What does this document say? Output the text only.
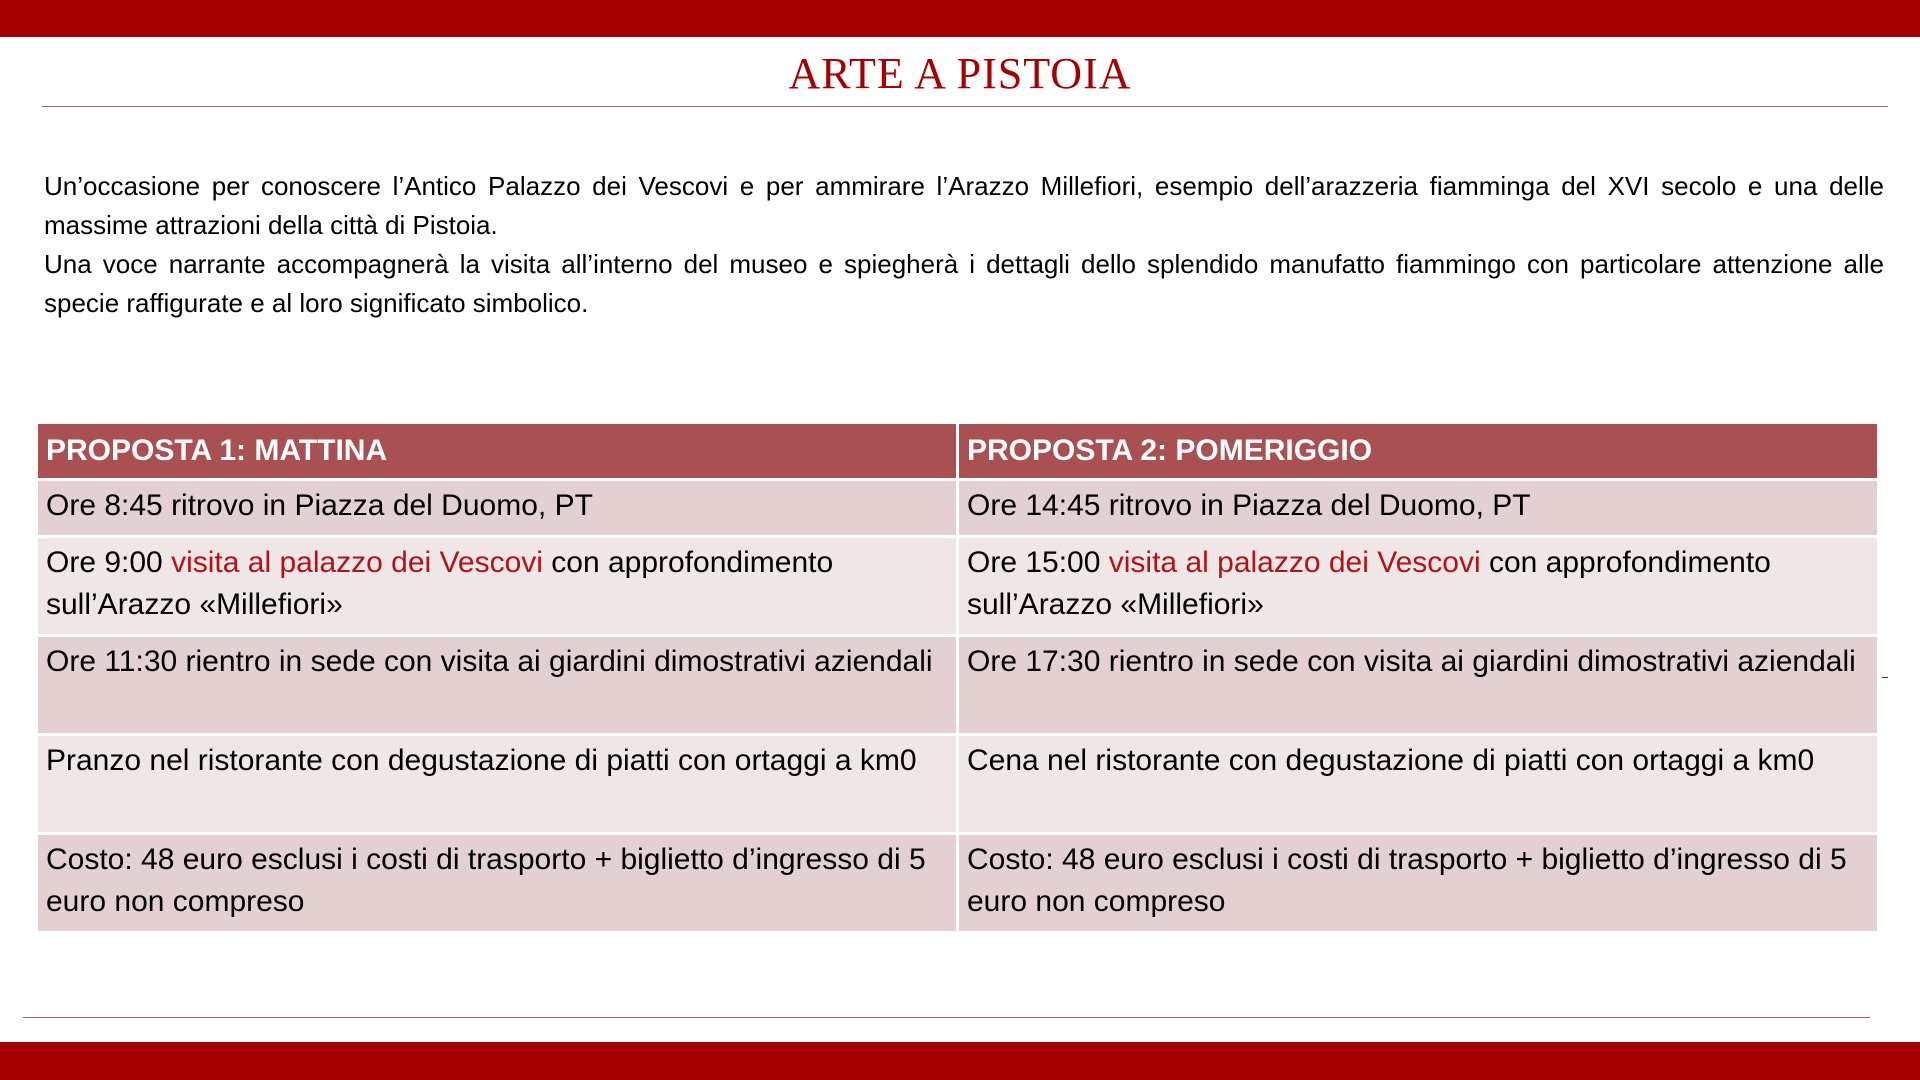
ARTE A PISTOIA

Un’occasione per conoscere l’Antico Palazzo dei Vescovi e per ammirare l’Arazzo Millefiori, esempio dell’arazzeria fiamminga del XVI secolo e una delle massime attrazioni della città di Pistoia.

Una voce narrante accompagnerà la visita all’interno del museo e spiegherà i dettagli dello splendido manufatto fiammingo con particolare attenzione alle specie raffigurate e al loro significato simbolico.

PROPOSTA 1: MATTINA	PROPOSTA 2: POMERIGGIO
Ore 8:45 ritrovo in Piazza del Duomo, PT	Ore 14:45 ritrovo in Piazza del Duomo, PT
Ore 9:00 visita al palazzo dei Vescovi con approfondimento sull’Arazzo «Millefiori»	Ore 15:00 visita al palazzo dei Vescovi con approfondimento sull’Arazzo «Millefiori»
Ore 11:30 rientro in sede con visita ai giardini dimostrativi aziendali	Ore 17:30 rientro in sede con visita ai giardini dimostrativi aziendali
Pranzo nel ristorante con degustazione di piatti con ortaggi a km0	Cena nel ristorante con degustazione di piatti con ortaggi a km0
Costo: 48 euro esclusi i costi di trasporto + biglietto d’ingresso di 5 euro non compreso	Costo: 48 euro esclusi i costi di trasporto + biglietto d’ingresso di 5 euro non compreso
